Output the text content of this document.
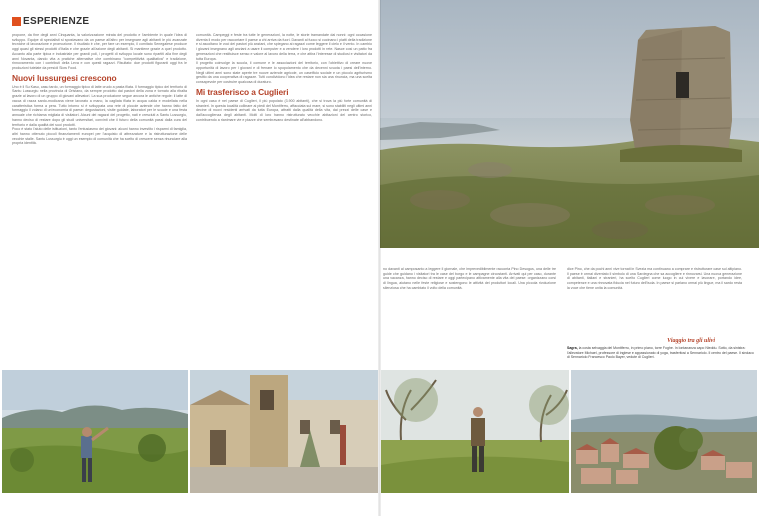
ESPERIENZE

propone, da fine degli anni Cinquanta, la valorizzazione mirata del prodotto e l'ambiente in quale l'idea di sviluppo. Equipe di specialisti si spostavano da un paese all'altro per insegnare agli abitanti le più avanzate tecniche di lavorazione e promozione. Il risultato è che, per fare un esempio, il comitato Senegalese produce oggi quasi gli stessi prodotti d'Italia e che grazie all'azione degli abitanti. Si mantiene grazie a quel prodotto. Accanto alla parte tipica e industriale per grandi poli, i progetti di sviluppo locale sono ripartiti alla fine degli anni Novanta, dando vita a pratiche alternative che combinano "competitività qualitativa" e tradizione, rinnovamento con i contributi della Leva e con questi ragazzi. Risultato: due prodotti figuranti oggi fra le produzioni tutelate da presìdi Slow Food.

Nuovi lussurgesi crescono

Uno è il Su Kasu, casu tardo, un formaggio tipico di latte crudo a pasta filata. Il formaggio tipico del territorio di Santu Lussurgiu nella provincia di Oristano, da sempre prodotto dai pastori della zona e tornato alla ribalta grazie al lavoro di un gruppo di giovani allevatori. La sua produzione segue ancora le antiche regole: il latte di vacca di razza sardo-modicana viene lavorato a mano, la cagliata filata in acqua calda e modellata nella caratteristica forma a pera. Tutto intorno si è sviluppata una rete di piccole aziende che hanno fatto del formaggio il volano di un'economia di paese: degustazioni, visite guidate, laboratori per le scuole e una festa annuale che richiama migliaia di visitatori. Alcuni dei ragazzi del progetto, nati e cresciuti a Santu Lussurgiu, hanno deciso di restare dopo gli studi universitari, convinti che il futuro della comunità passi dalla cura del territorio e dalla qualità dei suoi prodotti.

Poco è stato l'aiuto delle istituzioni, tanto l'entusiasmo dei giovani: alcuni hanno investito i risparmi di famiglia, altri hanno ottenuto piccoli finanziamenti europei per l'acquisto di attrezzature e la ristrutturazione delle vecchie stalle. Santu Lussurgiu è oggi un esempio di comunità che ha scelto di crescere senza rinunciare alla propria identità.

comunità. Campeggi e feste tra tutte le generazioni, la notte, le storie tramandate dai nonni: ogni occasione diventa il modo per raccontare il paese a chi arriva da fuori. Davanti al fuoco si cucinano i piatti della tradizione e si ascoltano le voci dei pastori più anziani, che spiegano ai ragazzi come leggere il cielo e il vento. In cambio i giovani insegnano agli anziani a usare il computer e a vendere i loro prodotti in rete. Nasce così un patto fra generazioni che restituisce senso e valore al lavoro della terra, e che attira l'interesse di studiosi e visitatori da tutta Europa.

Il progetto coinvolge la scuola, il comune e le associazioni del territorio, con l'obiettivo di creare nuove opportunità di lavoro per i giovani e di frenare lo spopolamento che da decenni svuota i paesi dell'interno. Negli ultimi anni sono state aperte tre nuove aziende agricole, un caseificio sociale e un piccolo agriturismo gestito da una cooperativa di ragazze. Tutti condividono l'idea che restare non sia una rinuncia, ma una scelta consapevole per costruire qualcosa di duraturo.

Mi trasferisco a Cuglieri

In ogni caso è nel paese di Cuglieri, il più popolato (3.900 abitanti), che si trova la più forte comunità di stranieri. In questa località collinare ai piedi del Montiferru, affacciata sul mare, si sono stabiliti negli ultimi anni decine di nuovi residenti arrivati da tutta Europa, attratti dalla qualità della vita, dai prezzi delle case e dall'accoglienza degli abitanti. Molti di loro hanno ristrutturato vecchie abitazioni del centro storico, contribuendo a rianimare vie e piazze che sembravano destinate all'abbandono.

no davanti al camposanto a leggere il giornale, che imprevedibilmente racconta Pino Desogus, una delle tre guide che guidano i visitatori tra le case del borgo e le campagne circostanti. Arrivati qui per caso, durante una vacanza, hanno deciso di restare e oggi partecipano attivamente alla vita del paese: organizzano corsi di lingua, aiutano nelle feste religiose e sostengono le attività dei produttori locali. Una piccola rivoluzione silenziosa che ha cambiato il volto della comunità.

dice Pino, che da pochi anni vive tornati in Svezia ma continuano a comprare e ristrutturare case sul altipiano. Il paese è ormai diventato il simbolo di una Sardegna che sa accogliere e rinnovarsi. Una nuova generazione di abitanti, italiani e stranieri, ha scelto Cuglieri come luogo in cui vivere e lavorare, portando idee, competenze e una rinnovata fiducia nel futuro dell'isola. In paese si parlano ormai più lingue, ma il sardo resta la voce che tiene unita la comunità.

Viaggio tra gli ulivi
Sagra, la costa selvaggia del Montiferru, in primo piano, torre Foghe. In lontananza capo Nieddu. Sotto, da sinistra: l'allevatore Michael, professore di inglese e appassionato di yoga, trasferitosi a Sennariolo. Il centro del paese. Il sindaco di Sennariolo Francesco Paolo Bayer, vedute di Cuglieri.
